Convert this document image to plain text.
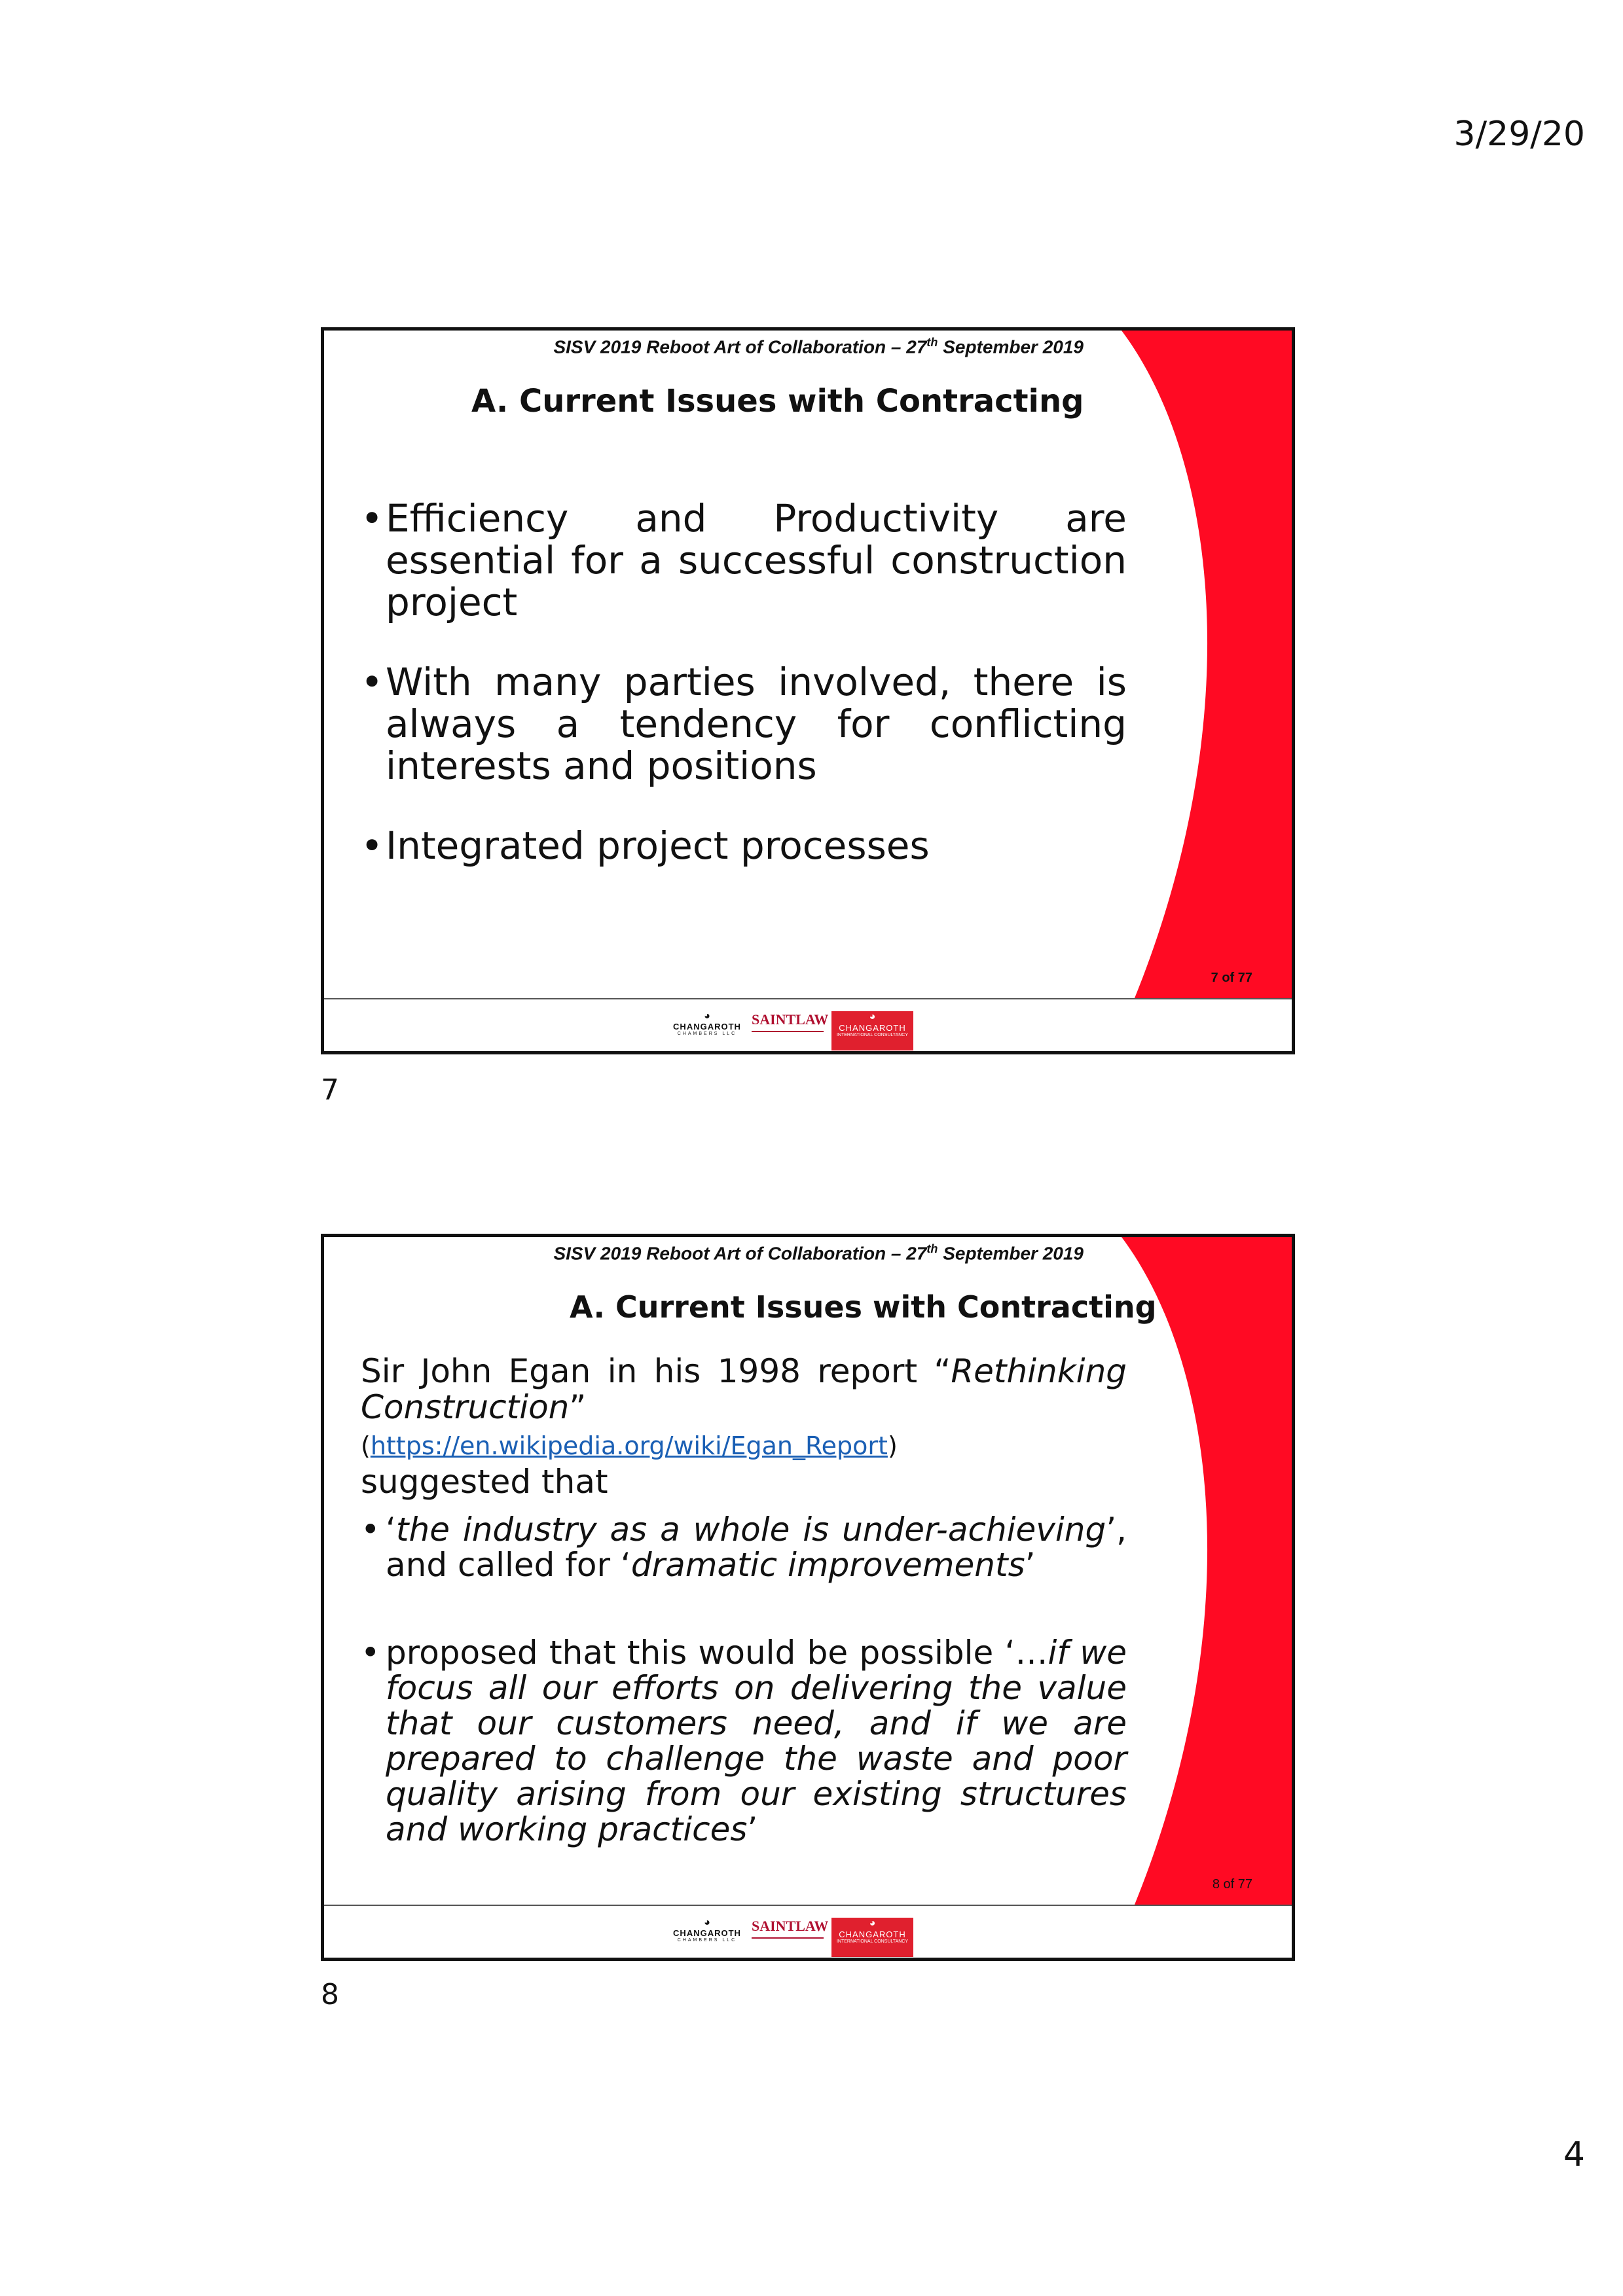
3/29/20
SISV 2019 Reboot Art of Collaboration – 27th September 2019
A. Current Issues with Contracting
• Efficiency and Productivity are essential for a successful construction project
• With many parties involved, there is always a tendency for conflicting interests and positions
• Integrated project processes
7 of 77
◕
CHANGAROTH
CHAMBERS LLC
SAINTLAW	◕
CHANGAROTH
INTERNATIONAL CONSULTANCY
7
SISV 2019 Reboot Art of Collaboration – 27th September 2019
A. Current Issues with Contracting
Sir John Egan in his 1998 report “Rethinking Construction” (https://en.wikipedia.org/wiki/Egan_Report)
suggested that
• ‘the industry as a whole is under-achieving’, and called for ‘dramatic improvements’
• proposed that this would be possible ‘…if we focus all our efforts on delivering the value that our customers need, and if we are prepared to challenge the waste and poor quality arising from our existing structures and working practices’
8 of 77
◕
CHANGAROTH
CHAMBERS LLC
SAINTLAW	◕
CHANGAROTH
INTERNATIONAL CONSULTANCY
8
4
